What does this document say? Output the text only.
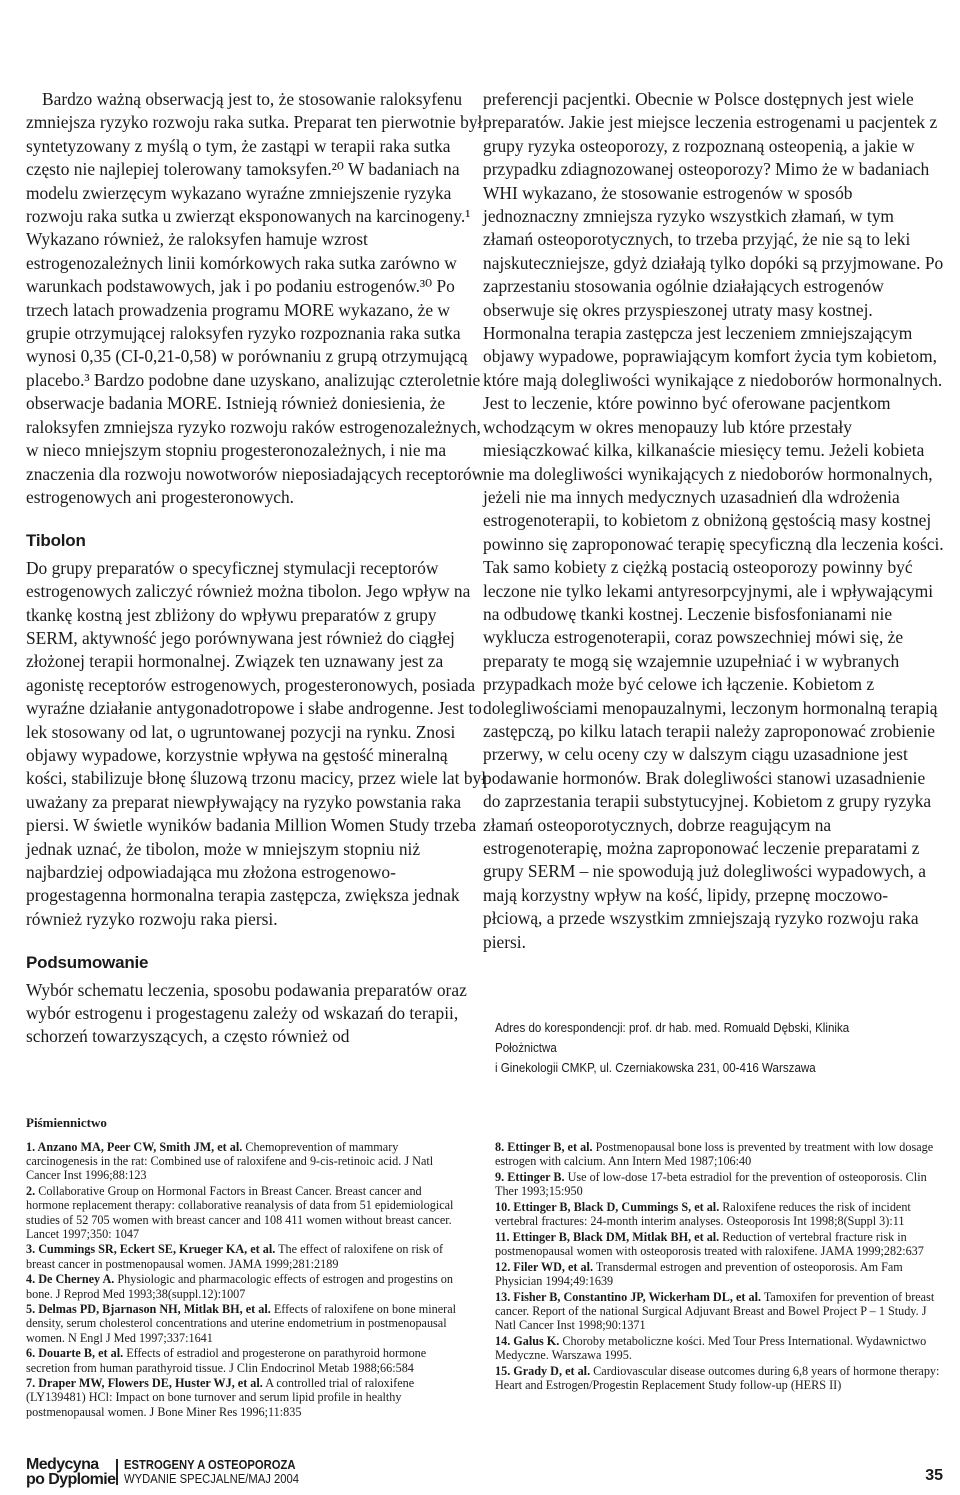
Bardzo ważną obserwacją jest to, że stosowanie raloksyfenu zmniejsza ryzyko rozwoju raka sutka. Preparat ten pierwotnie był syntetyzowany z myślą o tym, że zastąpi w terapii raka sutka często nie najlepiej tolerowany tamoksyfen.²⁰ W badaniach na modelu zwierzęcym wykazano wyraźne zmniejszenie ryzyka rozwoju raka sutka u zwierząt eksponowanych na karcinogeny.¹ Wykazano również, że raloksyfen hamuje wzrost estrogenozależnych linii komórkowych raka sutka zarówno w warunkach podstawowych, jak i po podaniu estrogenów.³⁰ Po trzech latach prowadzenia programu MORE wykazano, że w grupie otrzymującej raloksyfen ryzyko rozpoznania raka sutka wynosi 0,35 (CI-0,21-0,58) w porównaniu z grupą otrzymującą placebo.³ Bardzo podobne dane uzyskano, analizując czteroletnie obserwacje badania MORE. Istnieją również doniesienia, że raloksyfen zmniejsza ryzyko rozwoju raków estrogenozależnych, w nieco mniejszym stopniu progesteronozależnych, i nie ma znaczenia dla rozwoju nowotworów nieposiadających receptorów estrogenowych ani progesteronowych.

Tibolon

Do grupy preparatów o specyficznej stymulacji receptorów estrogenowych zaliczyć również można tibolon. Jego wpływ na tkankę kostną jest zbliżony do wpływu preparatów z grupy SERM, aktywność jego porównywana jest również do ciągłej złożonej terapii hormonalnej. Związek ten uznawany jest za agonistę receptorów estrogenowych, progesteronowych, posiada wyraźne działanie antygonadotropowe i słabe androgenne. Jest to lek stosowany od lat, o ugruntowanej pozycji na rynku. Znosi objawy wypadowe, korzystnie wpływa na gęstość mineralną kości, stabilizuje błonę śluzową trzonu macicy, przez wiele lat był uważany za preparat niewpływający na ryzyko powstania raka piersi. W świetle wyników badania Million Women Study trzeba jednak uznać, że tibolon, może w mniejszym stopniu niż najbardziej odpowiadająca mu złożona estrogenowo-progestagenna hormonalna terapia zastępcza, zwiększa jednak również ryzyko rozwoju raka piersi.

Podsumowanie

Wybór schematu leczenia, sposobu podawania preparatów oraz wybór estrogenu i progestagenu zależy od wskazań do terapii, schorzeń towarzyszących, a często również od

preferencji pacjentki. Obecnie w Polsce dostępnych jest wiele preparatów. Jakie jest miejsce leczenia estrogenami u pacjentek z grupy ryzyka osteoporozy, z rozpoznaną osteopenią, a jakie w przypadku zdiagnozowanej osteoporozy? Mimo że w badaniach WHI wykazano, że stosowanie estrogenów w sposób jednoznaczny zmniejsza ryzyko wszystkich złamań, w tym złamań osteoporotycznych, to trzeba przyjąć, że nie są to leki najskuteczniejsze, gdyż działają tylko dopóki są przyjmowane. Po zaprzestaniu stosowania ogólnie działających estrogenów obserwuje się okres przyspieszonej utraty masy kostnej. Hormonalna terapia zastępcza jest leczeniem zmniejszającym objawy wypadowe, poprawiającym komfort życia tym kobietom, które mają dolegliwości wynikające z niedoborów hormonalnych. Jest to leczenie, które powinno być oferowane pacjentkom wchodzącym w okres menopauzy lub które przestały miesiączkować kilka, kilkanaście miesięcy temu. Jeżeli kobieta nie ma dolegliwości wynikających z niedoborów hormonalnych, jeżeli nie ma innych medycznych uzasadnień dla wdrożenia estrogenoterapii, to kobietom z obniżoną gęstością masy kostnej powinno się zaproponować terapię specyficzną dla leczenia kości. Tak samo kobiety z ciężką postacią osteoporozy powinny być leczone nie tylko lekami antyresorpcyjnymi, ale i wpływającymi na odbudowę tkanki kostnej. Leczenie bisfosfonianami nie wyklucza estrogenoterapii, coraz powszechniej mówi się, że preparaty te mogą się wzajemnie uzupełniać i w wybranych przypadkach może być celowe ich łączenie. Kobietom z dolegliwościami menopauzalnymi, leczonym hormonalną terapią zastępczą, po kilku latach terapii należy zaproponować zrobienie przerwy, w celu oceny czy w dalszym ciągu uzasadnione jest podawanie hormonów. Brak dolegliwości stanowi uzasadnienie do zaprzestania terapii substytucyjnej. Kobietom z grupy ryzyka złamań osteoporotycznych, dobrze reagującym na estrogenoterapię, można zaproponować leczenie preparatami z grupy SERM – nie spowodują już dolegliwości wypadowych, a mają korzystny wpływ na kość, lipidy, przepnę moczowo-płciową, a przede wszystkim zmniejszają ryzyko rozwoju raka piersi.

Adres do korespondencji: prof. dr hab. med. Romuald Dębski, Klinika Położnictwa
i Ginekologii CMKP, ul. Czerniakowska 231, 00-416 Warszawa
Piśmiennictwo

1. Anzano MA, Peer CW, Smith JM, et al. Chemoprevention of mammary carcinogenesis in the rat: Combined use of raloxifene and 9-cis-retinoic acid. J Natl Cancer Inst 1996;88:123

2. Collaborative Group on Hormonal Factors in Breast Cancer. Breast cancer and hormone replacement therapy: collaborative reanalysis of data from 51 epidemiological studies of 52 705 women with breast cancer and 108 411 women without breast cancer. Lancet 1997;350: 1047

3. Cummings SR, Eckert SE, Krueger KA, et al. The effect of raloxifene on risk of breast cancer in postmenopausal women. JAMA 1999;281:2189

4. De Cherney A. Physiologic and pharmacologic effects of estrogen and progestins on bone. J Reprod Med 1993;38(suppl.12):1007

5. Delmas PD, Bjarnason NH, Mitlak BH, et al. Effects of raloxifene on bone mineral density, serum cholesterol concentrations and uterine endometrium in postmenopausal women. N Engl J Med 1997;337:1641

6. Douarte B, et al. Effects of estradiol and progesterone on parathyroid hormone secretion from human parathyroid tissue. J Clin Endocrinol Metab 1988;66:584

7. Draper MW, Flowers DE, Huster WJ, et al. A controlled trial of raloxifene (LY139481) HCl: Impact on bone turnover and serum lipid profile in healthy postmenopausal women. J Bone Miner Res 1996;11:835

8. Ettinger B, et al. Postmenopausal bone loss is prevented by treatment with low dosage estrogen with calcium. Ann Intern Med 1987;106:40

9. Ettinger B. Use of low-dose 17-beta estradiol for the prevention of osteoporosis. Clin Ther 1993;15:950

10. Ettinger B, Black D, Cummings S, et al. Raloxifene reduces the risk of incident vertebral fractures: 24-month interim analyses. Osteoporosis Int 1998;8(Suppl 3):11

11. Ettinger B, Black DM, Mitlak BH, et al. Reduction of vertebral fracture risk in postmenopausal women with osteoporosis treated with raloxifene. JAMA 1999;282:637

12. Filer WD, et al. Transdermal estrogen and prevention of osteoporosis. Am Fam Physician 1994;49:1639

13. Fisher B, Constantino JP, Wickerham DL, et al. Tamoxifen for prevention of breast cancer. Report of the national Surgical Adjuvant Breast and Bowel Project P – 1 Study. J Natl Cancer Inst 1998;90:1371

14. Galus K. Choroby metaboliczne kości. Med Tour Press International. Wydawnictwo Medyczne. Warszawa 1995.

15. Grady D, et al. Cardiovascular disease outcomes during 6,8 years of hormone therapy: Heart and Estrogen/Progestin Replacement Study follow-up (HERS II)

Medycyna
po Dyplomie
ESTROGENY A OSTEOPOROZA
WYDANIE SPECJALNE/MAJ 2004	35
